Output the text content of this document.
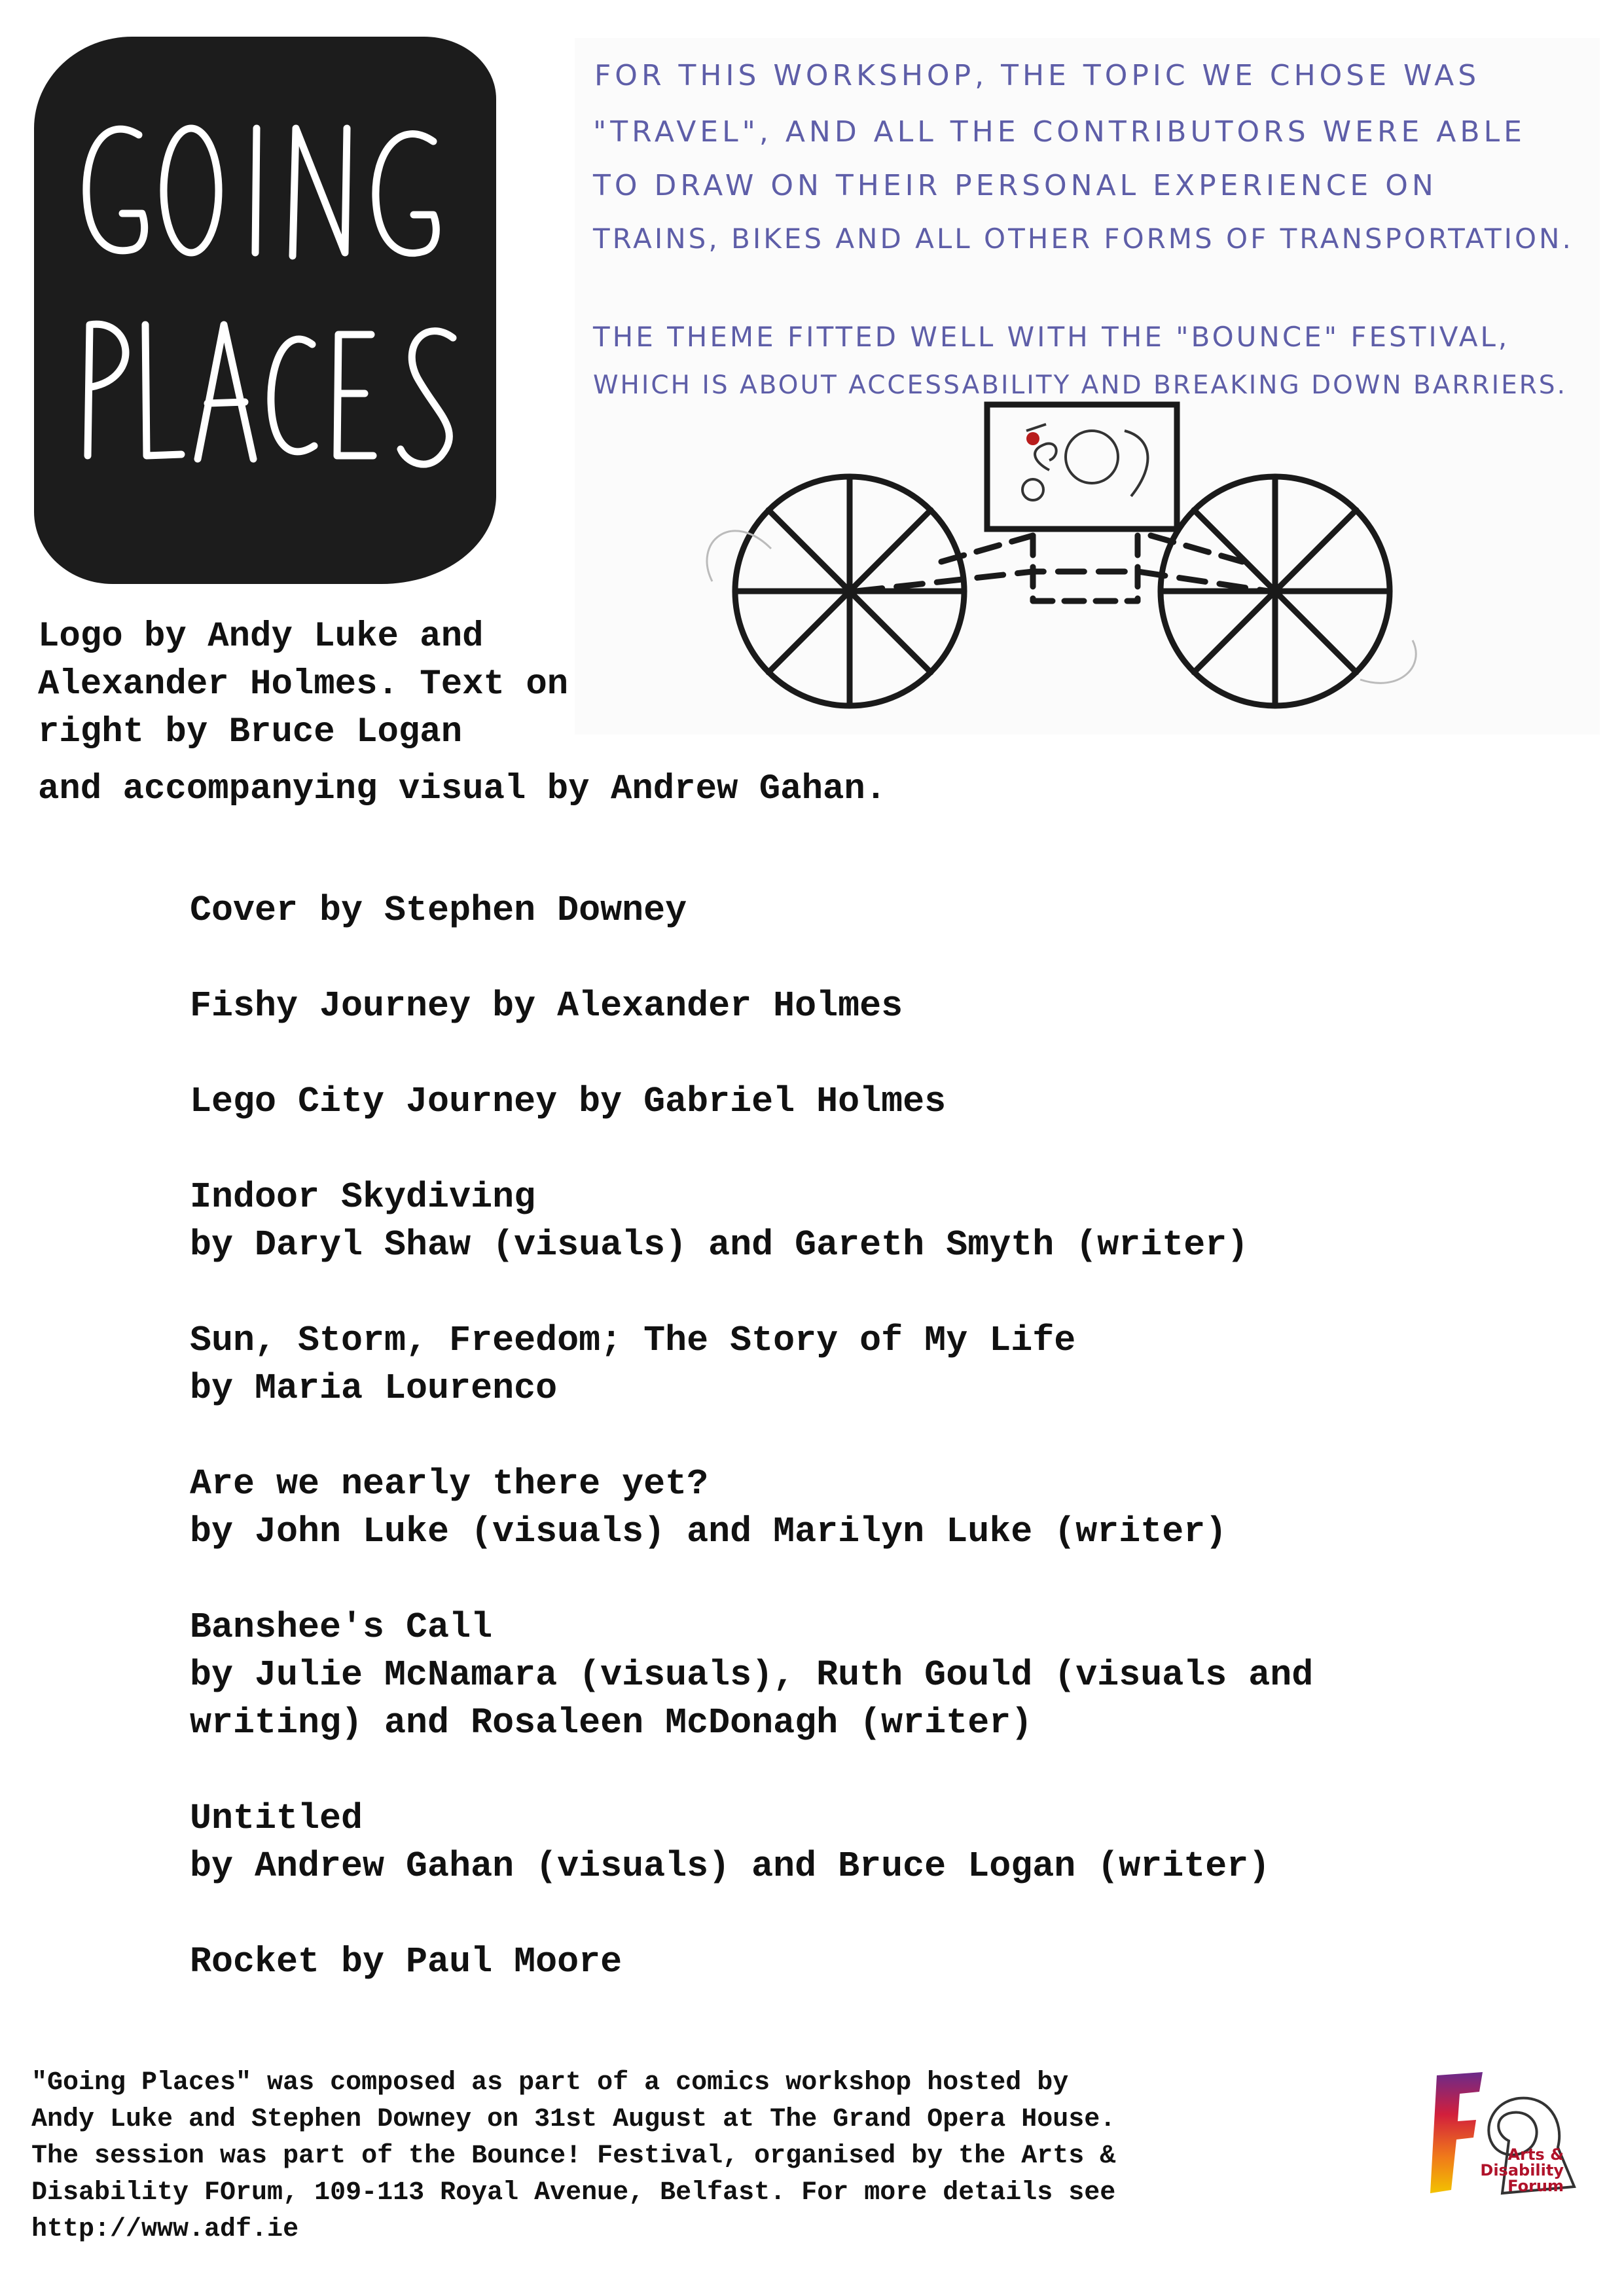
FOR THIS WORKSHOP, THE TOPIC WE CHOSE WAS
"TRAVEL", AND ALL THE CONTRIBUTORS WERE ABLE
TO DRAW ON THEIR PERSONAL EXPERIENCE ON
TRAINS, BIKES AND ALL OTHER FORMS OF TRANSPORTATION.
THE THEME FITTED WELL WITH THE "BOUNCE" FESTIVAL,
WHICH IS ABOUT ACCESSABILITY AND BREAKING DOWN BARRIERS.
Logo by Andy Luke and
Alexander Holmes. Text on
right by Bruce Logan
and accompanying visual by Andrew Gahan.
Cover by Stephen Downey
Fishy Journey by Alexander Holmes
Lego City Journey by Gabriel Holmes
Indoor Skydiving
by Daryl Shaw (visuals) and Gareth Smyth (writer)
Sun, Storm, Freedom; The Story of My Life
by Maria Lourenco
Are we nearly there yet?
by John Luke (visuals) and Marilyn Luke (writer)
Banshee's Call
by Julie McNamara (visuals), Ruth Gould (visuals and
writing) and Rosaleen McDonagh (writer)
Untitled
by Andrew Gahan (visuals) and Bruce Logan (writer)
Rocket by Paul Moore
"Going Places" was composed as part of a comics workshop hosted by
Andy Luke and Stephen Downey on 31st August at The Grand Opera House.
The session was part of the Bounce! Festival, organised by the Arts &
Disability FOrum, 109-113 Royal Avenue, Belfast. For more details see
http://www.adf.ie
Arts &
Disability
Forum
